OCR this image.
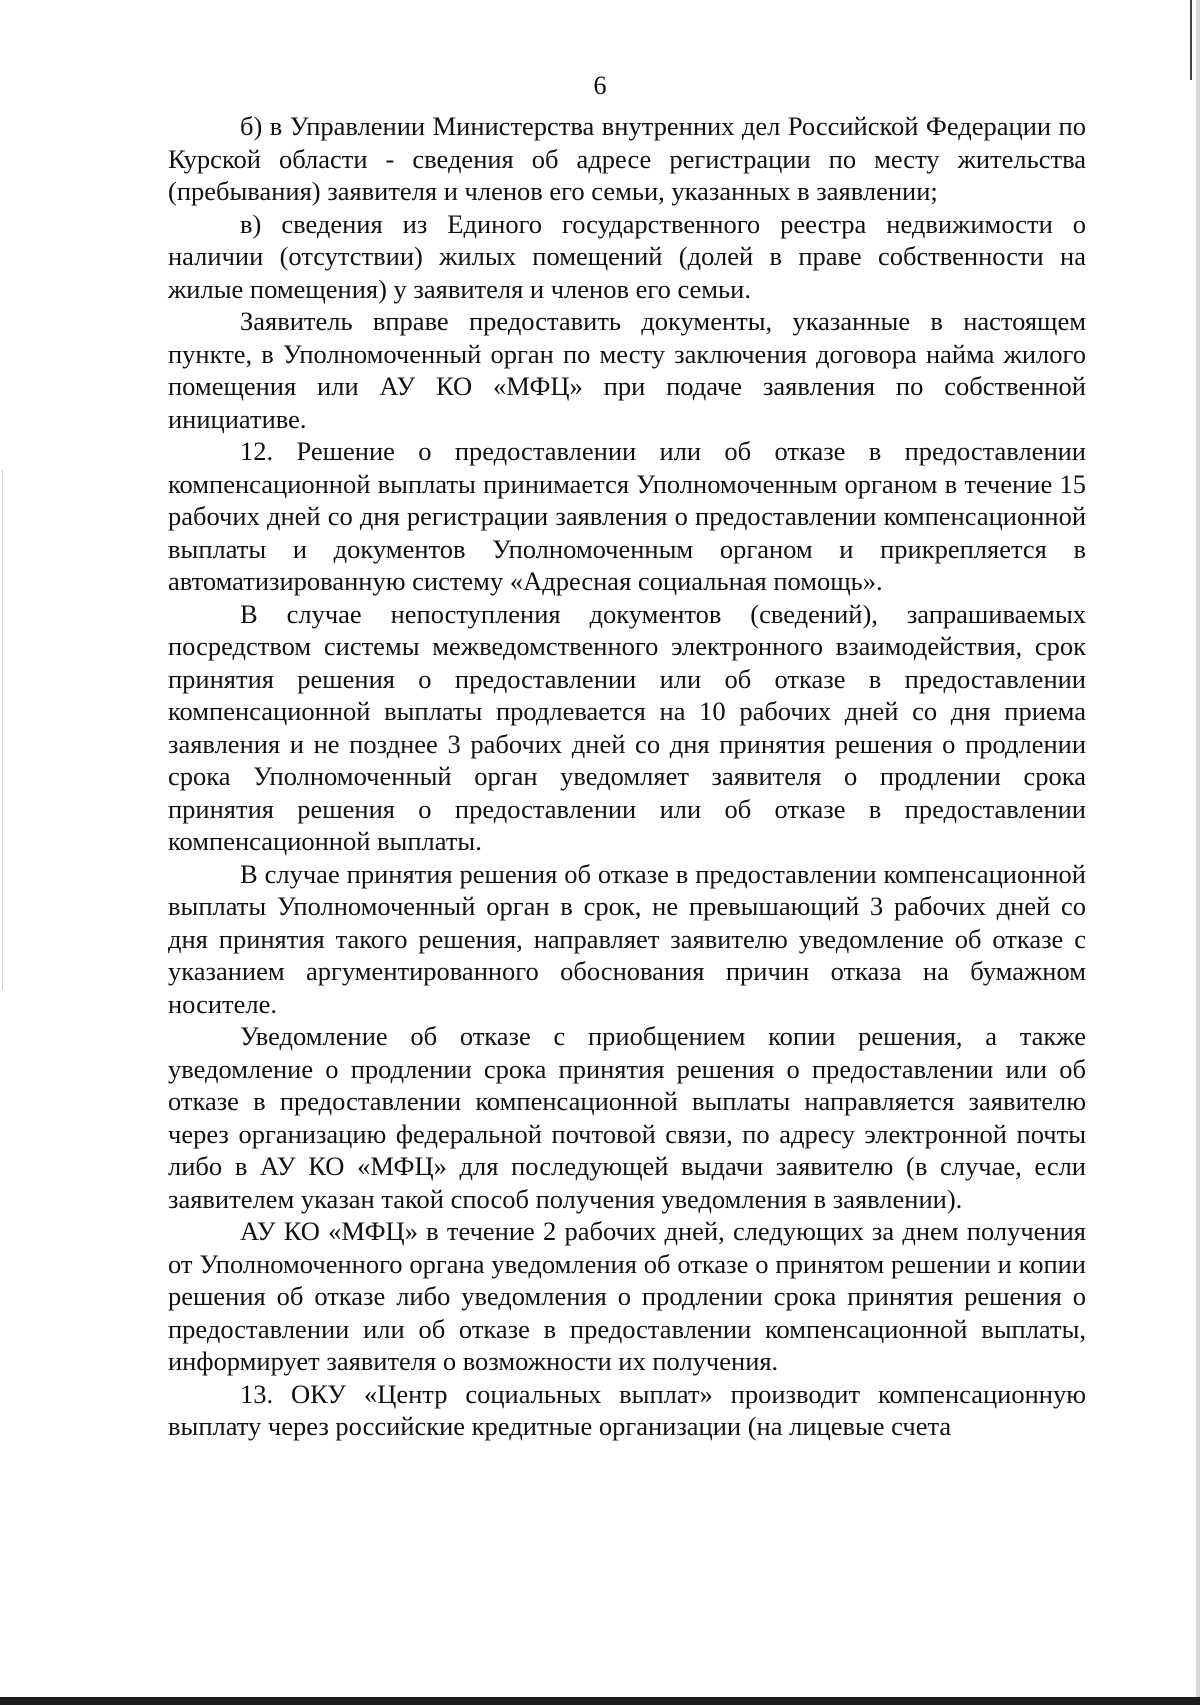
6

б) в Управлении Министерства внутренних дел Российской Федерации по Курской области - сведения об адресе регистрации по месту жительства (пребывания) заявителя и членов его семьи, указанных в заявлении;

в) сведения из Единого государственного реестра недвижимости о наличии (отсутствии) жилых помещений (долей в праве собственности на жилые помещения) у заявителя и членов его семьи.

Заявитель вправе предоставить документы, указанные в настоящем пункте, в Уполномоченный орган по месту заключения договора найма жилого помещения или АУ КО «МФЦ» при подаче заявления по собственной инициативе.

12. Решение о предоставлении или об отказе в предоставлении компенсационной выплаты принимается Уполномоченным органом в течение 15 рабочих дней со дня регистрации заявления о предоставлении компенсационной выплаты и документов Уполномоченным органом и прикрепляется в автоматизированную систему «Адресная социальная помощь».

В случае непоступления документов (сведений), запрашиваемых посредством системы межведомственного электронного взаимодействия, срок принятия решения о предоставлении или об отказе в предоставлении компенсационной выплаты продлевается на 10 рабочих дней со дня приема заявления и не позднее 3 рабочих дней со дня принятия решения о продлении срока Уполномоченный орган уведомляет заявителя о продлении срока принятия решения о предоставлении или об отказе в предоставлении компенсационной выплаты.

В случае принятия решения об отказе в предоставлении компенсационной выплаты Уполномоченный орган в срок, не превышающий 3 рабочих дней со дня принятия такого решения, направляет заявителю уведомление об отказе с указанием аргументированного обоснования причин отказа на бумажном носителе.

Уведомление об отказе с приобщением копии решения, а также уведомление о продлении срока принятия решения о предоставлении или об отказе в предоставлении компенсационной выплаты направляется заявителю через организацию федеральной почтовой связи, по адресу электронной почты либо в АУ КО «МФЦ» для последующей выдачи заявителю (в случае, если заявителем указан такой способ получения уведомления в заявлении).

АУ КО «МФЦ» в течение 2 рабочих дней, следующих за днем получения от Уполномоченного органа уведомления об отказе о принятом решении и копии решения об отказе либо уведомления о продлении срока принятия решения о предоставлении или об отказе в предоставлении компенсационной выплаты, информирует заявителя о возможности их получения.

13. ОКУ «Центр социальных выплат» производит компенсационную выплату через российские кредитные организации (на лицевые счета
